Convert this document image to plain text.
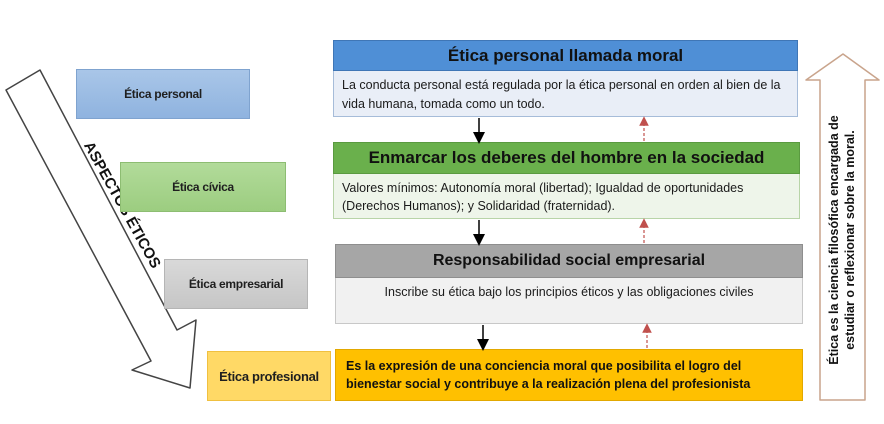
ASPECTOS ÉTICOS	Ética es la ciencia filosófica encargada de estudiar o reflexionar sobre la moral.
Ética personal
Ética cívica
Ética empresarial
Ética profesional
Ética personal llamada moral
La conducta personal está regulada por la ética personal en orden al bien de la vida humana, tomada como un todo.
Enmarcar los deberes del hombre en la sociedad
Valores mínimos: Autonomía moral (libertad); Igualdad de oportunidades (Derechos Humanos); y Solidaridad (fraternidad).
Responsabilidad social empresarial
Inscribe su ética bajo los principios éticos y las obligaciones civiles
Es la expresión de una conciencia moral que posibilita el logro del bienestar social y contribuye a la realización plena del profesionista
